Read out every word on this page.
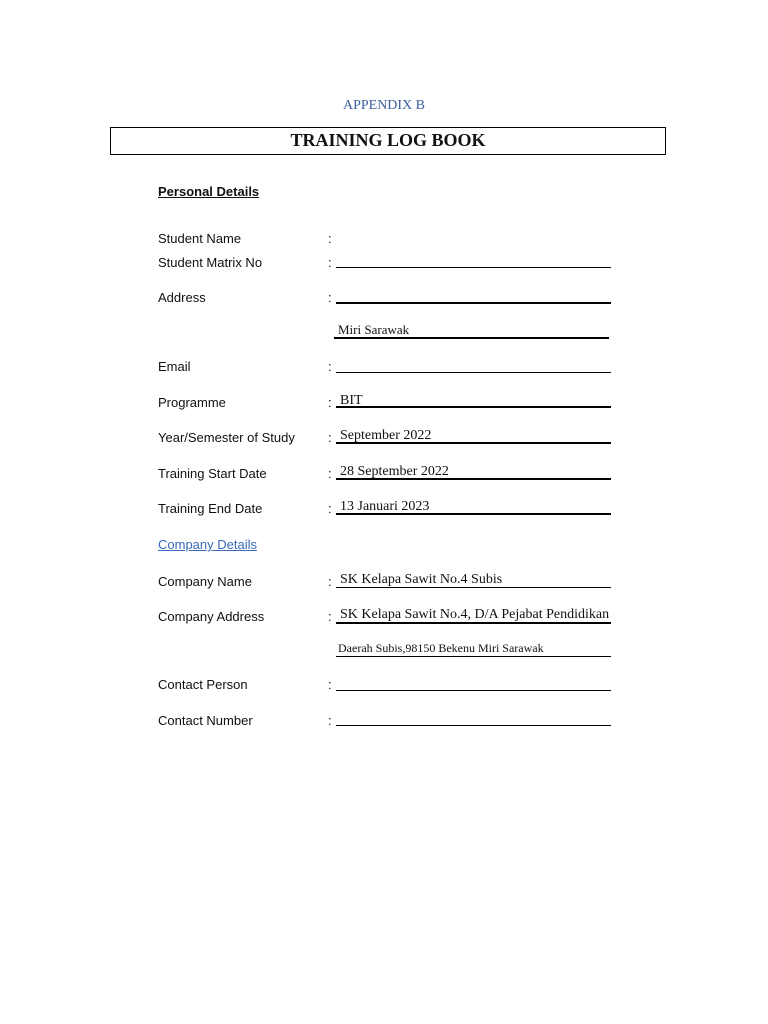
APPENDIX B
TRAINING LOG BOOK
Personal Details
Student Name	:
Student Matrix No	:
Address	:
Miri Sarawak
Email	:
Programme	: BIT
Year/Semester of Study	: September 2022
Training Start Date	: 28 September 2022
Training End Date	: 13 Januari 2023
Company Details
Company Name	: SK Kelapa Sawit No.4 Subis
Company Address	: SK Kelapa Sawit No.4, D/A Pejabat Pendidikan
Daerah Subis,98150 Bekenu Miri Sarawak
Contact Person	:
Contact Number	:
